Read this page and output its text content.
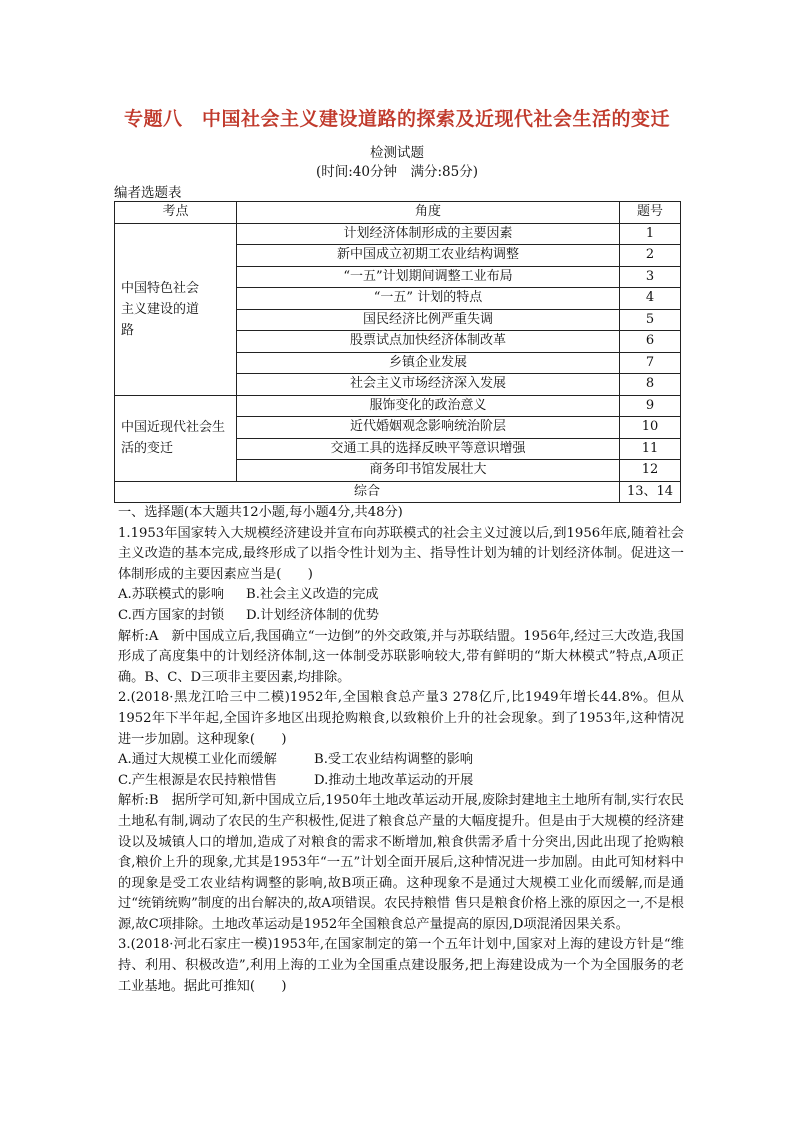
专题八　中国社会主义建设道路的探索及近现代社会生活的变迁
检测试题
(时间:40分钟　满分:85分)
编者选题表
考点	角度	题号
中国特色社会主义建设的道路	计划经济体制形成的主要因素	1
	新中国成立初期工农业结构调整	2
	“一五”计划期间调整工业布局	3
	“一五” 计划的特点	4
	国民经济比例严重失调	5
	股票试点加快经济体制改革	6
	乡镇企业发展	7
	社会主义市场经济深入发展	8
中国近现代社会生活的变迁	服饰变化的政治意义	9
	近代婚姻观念影响统治阶层	10
	交通工具的选择反映平等意识增强	11
	商务印书馆发展壮大	12
综合		13、14

一、选择题(本大题共12小题,每小题4分,共48分)

1.1953年国家转入大规模经济建设并宣布向苏联模式的社会主义过渡以后,到1956年底,随着社会主义改造的基本完成,最终形成了以指令性计划为主、指导性计划为辅的计划经济体制。促进这一体制形成的主要因素应当是(　　)

A.苏联模式的影响 B.社会主义改造的完成

C.西方国家的封锁 D.计划经济体制的优势

解析:A　新中国成立后,我国确立“一边倒”的外交政策,并与苏联结盟。1956年,经过三大改造,我国形成了高度集中的计划经济体制,这一体制受苏联影响较大,带有鲜明的“斯大林模式”特点,A项正确。B、C、D三项非主要因素,均排除。

2.(2018·黑龙江哈三中二模)1952年,全国粮食总产量3 278亿斤,比1949年增长44.8%。但从1952年下半年起,全国许多地区出现抢购粮食,以致粮价上升的社会现象。到了1953年,这种情况进一步加剧。这种现象(　　)

A.通过大规模工业化而缓解	B.受工农业结构调整的影响

C.产生根源是农民持粮惜售	D.推动土地改革运动的开展

解析:B　据所学可知,新中国成立后,1950年土地改革运动开展,废除封建地主土地所有制,实行农民土地私有制,调动了农民的生产积极性,促进了粮食总产量的大幅度提升。但是由于大规模的经济建设以及城镇人口的增加,造成了对粮食的需求不断增加,粮食供需矛盾十分突出,因此出现了抢购粮食,粮价上升的现象,尤其是1953年“一五”计划全面开展后,这种情况进一步加剧。由此可知材料中的现象是受工农业结构调整的影响,故B项正确。这种现象不是通过大规模工业化而缓解,而是通过“统销统购”制度的出台解决的,故A项错误。农民持粮惜 售只是粮食价格上涨的原因之一,不是根源,故C项排除。土地改革运动是1952年全国粮食总产量提高的原因,D项混淆因果关系。

3.(2018·河北石家庄一模)1953年,在国家制定的第一个五年计划中,国家对上海的建设方针是“维持、利用、积极改造”,利用上海的工业为全国重点建设服务,把上海建设成为一个为全国服务的老工业基地。据此可推知(　　)
